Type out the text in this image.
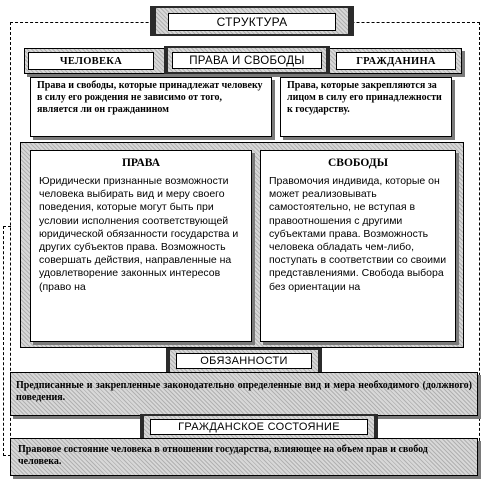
СТРУКТУРА
ЧЕЛОВЕКА	ПРАВА И СВОБОДЫ	ГРАЖДАНИНА
Права и свободы, которые принадлежат человеку в силу его рождения не зависимо от того, является ли он гражданином
Права, которые закрепляются за лицом в силу его принадлежности к государству.
ПРАВА
Юридически признанные возможности человека выбирать вид и меру своего поведения, которые могут быть при условии исполнения соответствующей юридической обязанности государства и других субъектов права. Возможность совершать действия, направленные на удовлетворение законных интересов (право на
СВОБОДЫ
Правомочия индивида, которые он может реализовывать самостоятельно, не вступая в правоотношения с другими субъектами права. Возможность человека обладать чем-либо, поступать в соответствии со своими представлениями. Свобода выбора без ориентации на
ОБЯЗАННОСТИ
Предписанные и закрепленные законодательно определенные вид и мера необходимого (должного) поведения.
ГРАЖДАНСКОЕ СОСТОЯНИЕ
Правовое состояние человека в отношении государства, влияющее на объем прав и свобод человека.
